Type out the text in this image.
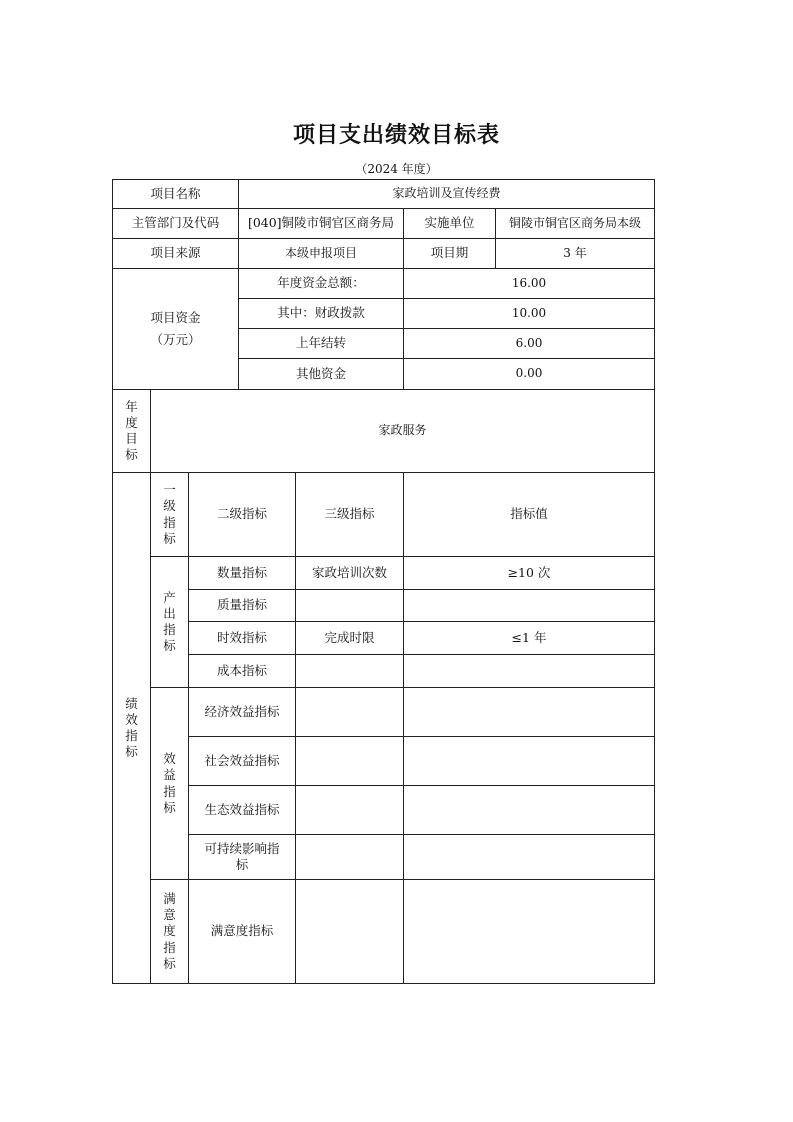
项目支出绩效目标表
（2024 年度）
项目名称			家政培训及宣传经费			
主管部门及代码			[040]铜陵市铜官区商务局		实施单位	铜陵市铜官区商务局本级
项目来源			本级申报项目		项目期	3 年

项目资金
（万元）			年度资金总额：		16.00	
			其中：财政拨款		10.00	
			上年结转		6.00	
			其他资金		0.00	
年度目标	家政服务					
绩效指标	一级指标	二级指标		三级指标	指标值	
	产出指标	数量指标		家政培训次数	≥10 次	
		质量指标				
		时效指标		完成时限	≤1 年	
		成本指标				
	效益指标	经济效益指标				
		社会效益指标				
		生态效益指标				
		可持续影响指标				
	满意度指标	满意度指标				
